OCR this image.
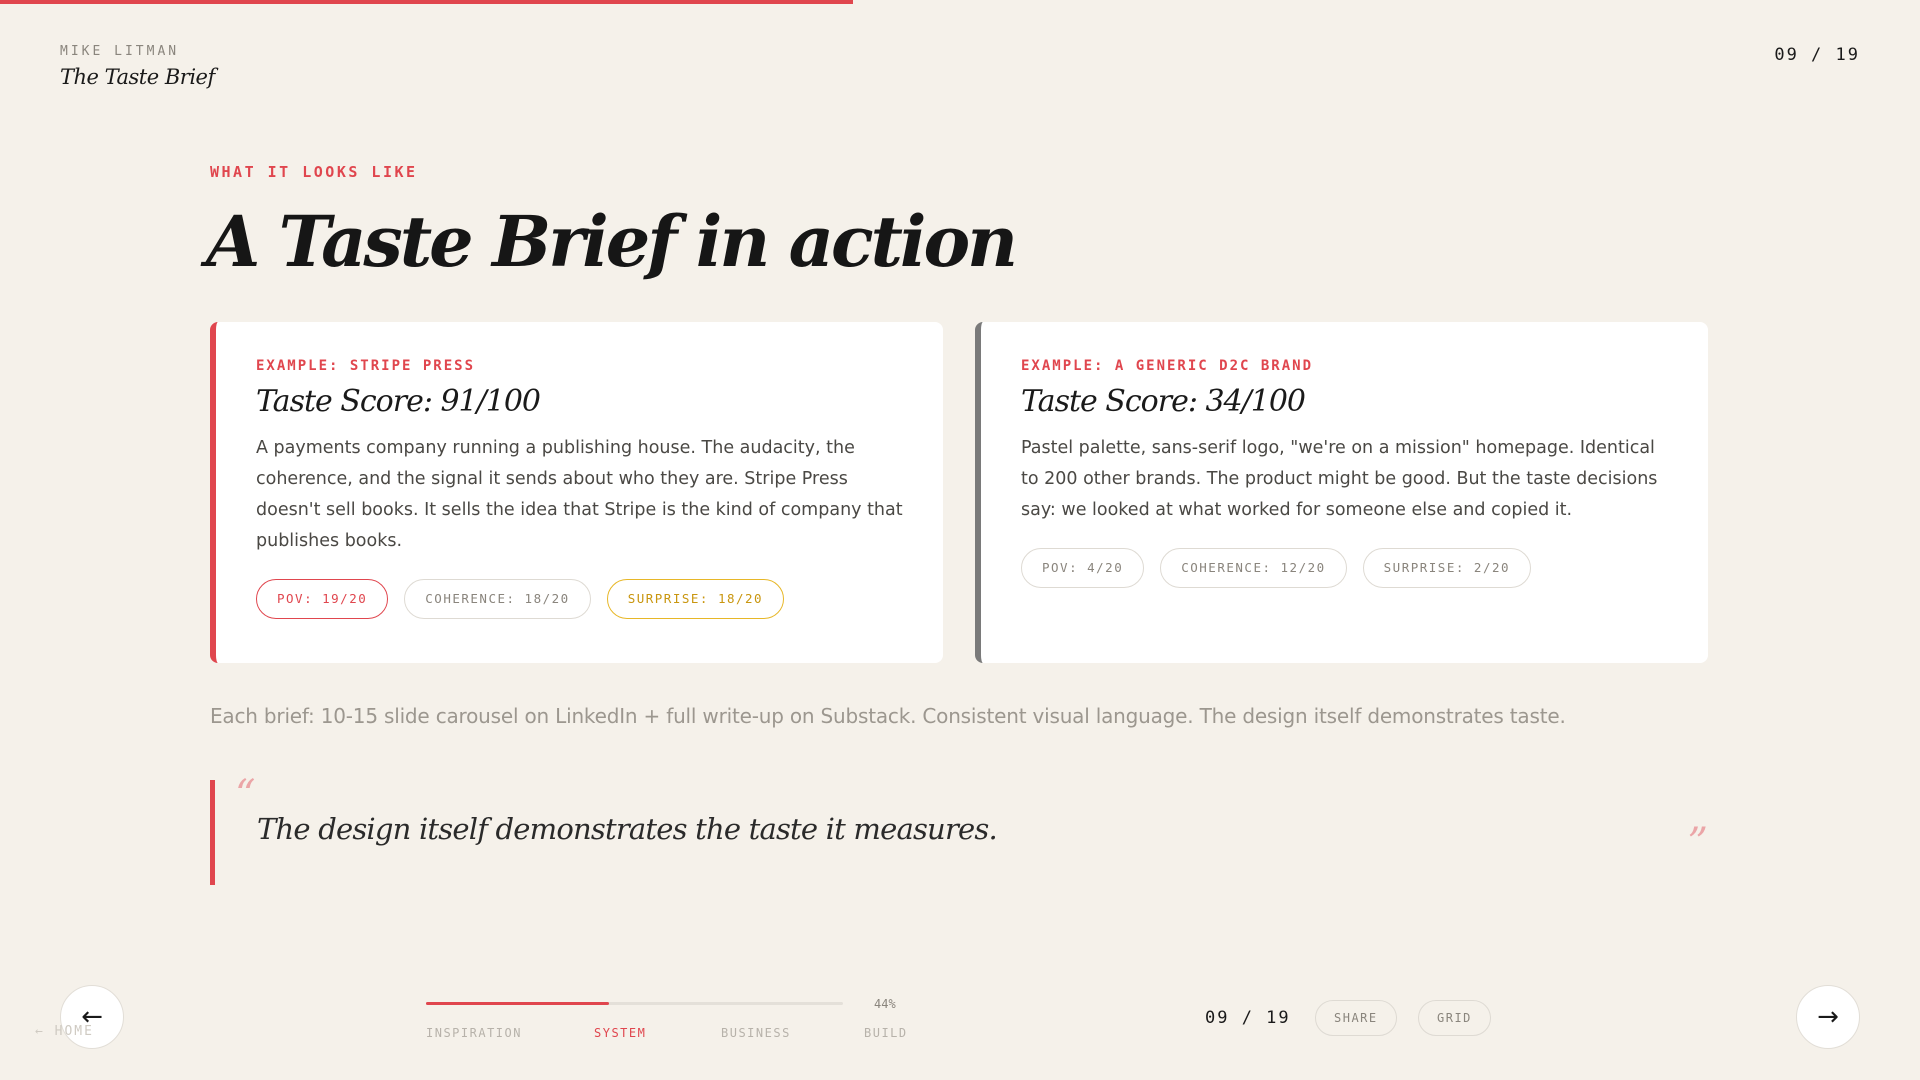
MIKE LITMAN
The Taste Brief
09 / 19
WHAT IT LOOKS LIKE
A Taste Brief in action
EXAMPLE: STRIPE PRESS
Taste Score: 91/100

A payments company running a publishing house. The audacity, the coherence, and the signal it sends about who they are. Stripe Press doesn't sell books. It sells the idea that Stripe is the kind of company that publishes books.

POV: 19/20	COHERENCE: 18/20	SURPRISE: 18/20
EXAMPLE: A GENERIC D2C BRAND
Taste Score: 34/100

Pastel palette, sans-serif logo, "we're on a mission" homepage. Identical to 200 other brands. The product might be good. But the taste decisions say: we looked at what worked for someone else and copied it.

POV: 4/20	COHERENCE: 12/20	SURPRISE: 2/20

Each brief: 10-15 slide carousel on LinkedIn + full write-up on Substack. Consistent visual language. The design itself demonstrates taste.

“
The design itself demonstrates the taste it measures.	”
←
← HOME
44%
INSPIRATION	SYSTEM	BUSINESS	BUILD
09 / 19	SHARE	GRID	→
